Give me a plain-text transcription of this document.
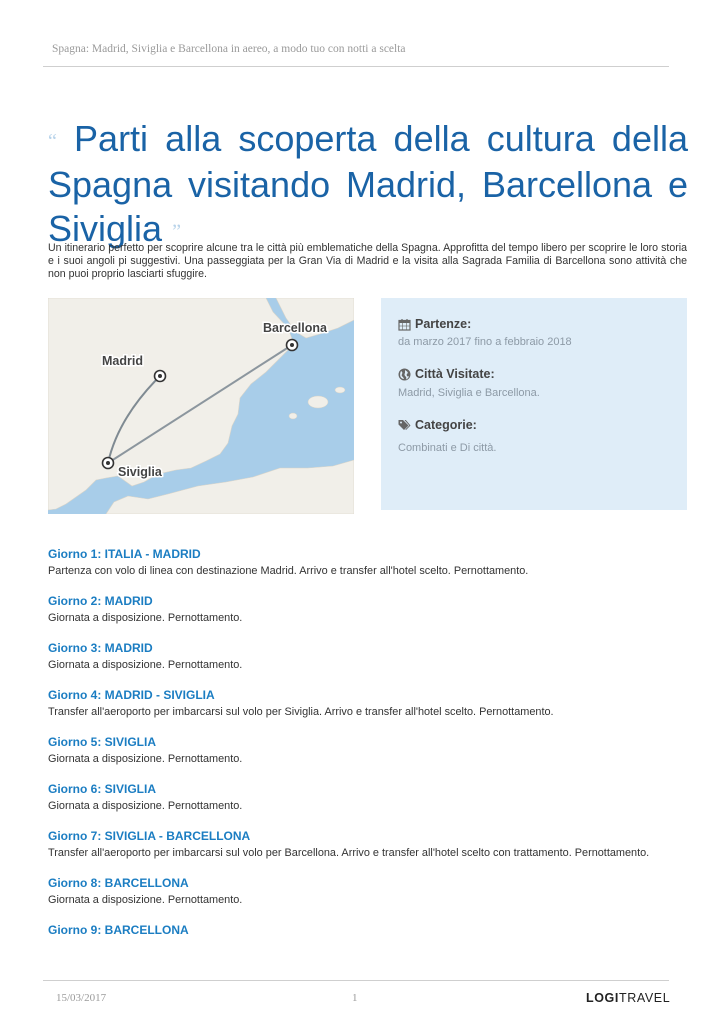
Spagna: Madrid, Siviglia e Barcellona in aereo, a modo tuo con notti a scelta
“ Parti alla scoperta della cultura della Spagna visitando Madrid, Barcellona e Siviglia ”
Un itinerario perfetto per scoprire alcune tra le città più emblematiche della Spagna. Approfitta del tempo libero per scoprire le loro storia e i suoi angoli pi suggestivi. Una passeggiata per la Gran Via di Madrid e la visita alla Sagrada Familia di Barcellona sono attività che non puoi proprio lasciarti sfuggire.
Barcellona
Madrid
Siviglia
Partenze:
da marzo 2017 fino a febbraio 2018
Città Visitate:
Madrid, Siviglia e Barcellona.
Categorie:
Combinati e Di città.
Giorno 1: ITALIA - MADRID
Partenza con volo di linea con destinazione Madrid. Arrivo e transfer all'hotel scelto. Pernottamento.
Giorno 2: MADRID
Giornata a disposizione. Pernottamento.
Giorno 3: MADRID
Giornata a disposizione. Pernottamento.
Giorno 4: MADRID - SIVIGLIA
Transfer all'aeroporto per imbarcarsi sul volo per Siviglia. Arrivo e transfer all'hotel scelto. Pernottamento.
Giorno 5: SIVIGLIA
Giornata a disposizione. Pernottamento.
Giorno 6: SIVIGLIA
Giornata a disposizione. Pernottamento.
Giorno 7: SIVIGLIA - BARCELLONA
Transfer all'aeroporto per imbarcarsi sul volo per Barcellona. Arrivo e transfer all'hotel scelto con trattamento. Pernottamento.
Giorno 8: BARCELLONA
Giornata a disposizione. Pernottamento.
Giorno 9: BARCELLONA
15/03/2017	1	LOGITRAVEL
